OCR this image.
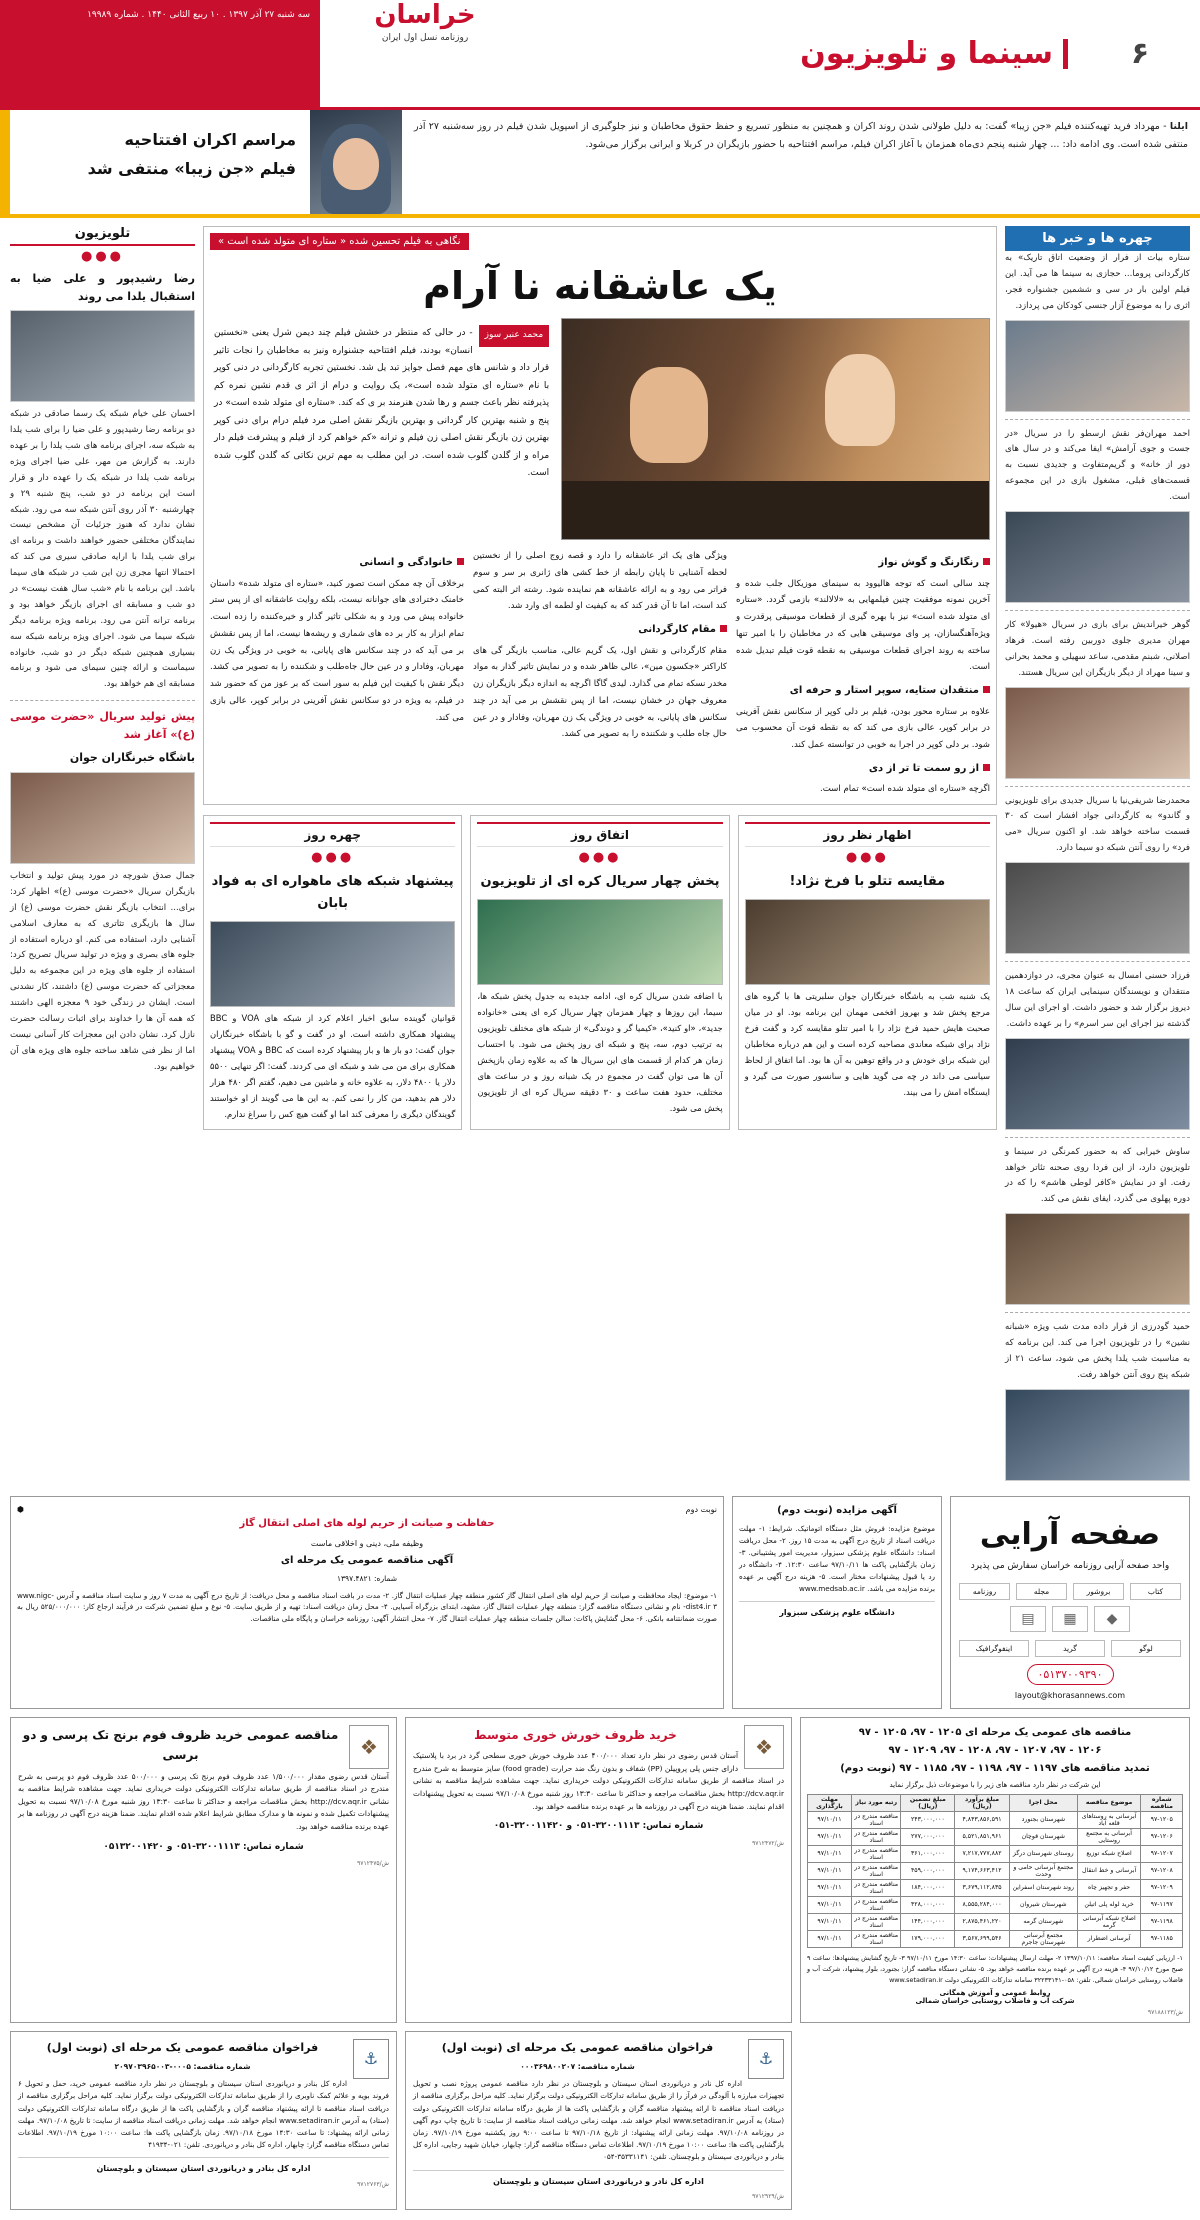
۶
سینما و تلویزیون
خراسان
روزنامه نسل اول ایران
سه شنبه ۲۷ آذر ۱۳۹۷ . ۱۰ ربیع الثانی ۱۴۴۰ . شماره ۱۹۹۸۹
ایلنا - مهرداد فرید تهیه‌کننده فیلم «جن زیبا» گفت: به دلیل طولانی شدن روند اکران و همچنین به منظور تسریع و حفظ حقوق مخاطبان و نیز جلوگیری از اسپویل شدن فیلم در روز سه‌شنبه ۲۷ آذر منتفی شده است. وی ادامه داد: ... چهار شنبه پنجم دی‌ماه همزمان با آغاز اکران فیلم، مراسم افتتاحیه با حضور بازیگران در کربلا و ایرانی برگزار می‌شود.
مراسم اکران افتتاحیه
فیلم «جن زیبا» منتفی شد
چهره ها و خبر ها
ستاره بیات از فرار از وضعیت اتاق تاریک» به کارگردانی پروما... حجازی به سینما ها می آید. این فیلم اولین بار در سی و ششمین جشنواره فجر، اثری را به موضوع آزار جنسی کودکان می پردازد.
احمد مهران‌فر نقش ارسطو را در سریال «در جست و جوی آرامش» ایفا می‌کند و در سال های دور از خانه» و گریم‌متفاوت و جدیدی نسبت به قسمت‌های قبلی، مشغول بازی در این مجموعه است.
گوهر خیراندیش برای بازی در سریال «هیولا» کار مهران مدیری جلوی دوربین رفته است. فرهاد اصلانی، شبنم مقدمی، ساعد سهیلی و محمد بحرانی و سینا مهراد از دیگر بازیگران این سریال هستند.
محمدرضا شریفی‌نیا با سریال جدیدی برای تلویزیونی و گاندو» به کارگردانی جواد افشار است که ۳۰ قسمت ساخته خواهد شد. او اکنون سریال «می فرد» را روی آنتن شبکه دو سیما دارد.
فرزاد حسنی امسال به عنوان مجری، در دوازدهمین منتقدان و نویسندگان سینمایی ایران که ساعت ۱۸ دیروز برگزار شد و حضور داشت. او اجرای این سال گذشته نیز اجرای این سر اسرم» را بر عهده داشت.
ساوش خیرابی که به حضور کمرنگی در سینما و تلویزیون دارد، از این فردا روی صحنه تئاتر خواهد رفت. او در نمایش «کافر لوطی هاشم» را که در دوره پهلوی می گذرد، ایفای نقش می کند.
حمید گودرزی از قرار داده مدت شب ویژه «شبانه نشین» را در تلویزیون اجرا می کند. این برنامه که به مناسبت شب یلدا پخش می شود، ساعت ۲۱ از شبکه پنج روی آنتن خواهد رفت.
نگاهی به فیلم تحسین شده « ستاره ای متولد شده است »
یک عاشقانه نا آرام
محمد عنبر سوز
- در حالی که منتظر در خشش فیلم چند دیمن شرل یعنی «نخستین انسان» بودند، فیلم افتتاحیه جشنواره ونیز به مخاطبان را نجات تاثیر قرار داد و شانس های مهم فصل جوایز تبد یل شد. نخستین تجربه کارگردانی در دنی کوپر با نام «ستاره ای متولد شده است»، یک روایت و درام از اثر ی قدم نشین نمره کم پذیرفته نظر باعث جسم و رها شدن هنرمند بر ی که کند. «ستاره ای متولد شده است» در پنج و شنبه بهترین کار گردانی و بهترین بازیگر نقش اصلی مرد فیلم درام برای دنی کوپر بهترین زن بازیگر نقش اصلی زن فیلم و ترانه «کم خواهم کرد از فیلم و پیشرفت فیلم دار مراه و از گلدن گلوب شده است. در این مطلب به مهم ترین نکاتی که گلدن گلوب شده است.
رنگارنگ و گوش نواز
چند سالی است که توجه هالیوود به سینمای موزیکال جلب شده و آخرین نمونه موفقیت چنین فیلمهایی به «لالالند» بازمی گردد. «ستاره ای متولد شده است» نیز با بهره گیری از قطعات موسیقی پرقدرت و ویژه‌آهنگسازان، پر وای موسیقی هایی که در مخاطبان را با امیر تنها ساخته به روند اجرای قطعات موسیقی به نقطه قوت فیلم تبدیل شده است.
منتقدان ستایه، سوپر استار و حرفه ای
علاوه بر ستاره محور بودن، فیلم بر دلی کوپر از سکانس نقش آفرینی در برابر کوپر، عالی بازی می کند که به نقطه قوت آن محسوب می شود. بر دلی کوپر در اجرا به خوبی در توانسته عمل کند.
از رو سمت تا تر از دی
اگرچه «ستاره ای متولد شده است» تمام است.
ویژگی های یک اثر عاشقانه را دارد و قصه زوج اصلی را از نخستین لحظه آشنایی تا پایان رابطه از خط کشی های ژانری بر سر و سوم فراتر می رود و به ارائه عاشقانه هم نماینده شود. رشته اثر البته کمی کند است، اما تا آن قدر کند که به کیفیت او لطمه ای وارد شد.
مقام کارگردانی
مقام کارگردانی و نقش اول، یک گریم عالی، مناسب بازیگر گی های کاراکتر «جکسون مین»، عالی ظاهر شده و در نمایش تاثیر گذار به مواد مخدر نسکه تمام می گذارد. لیدی گاگا اگرچه به اندازه دیگر بازیگران زن معروف جهان در خشان نیست، اما از پس نقشش بر می آید در چند سکانس های پایانی، به خوبی در ویژگی یک زن مهربان، وفادار و در عین حال جاه طلب و شکننده را به تصویر می کشد.
خانوادگی و انسانی
برخلاف آن چه ممکن است تصور کنید، «ستاره ای متولد شده» داستان خامنک دخترادی های جوانانه نیست، بلکه روایت عاشقانه ای از پس ستر خانواده پیش می ورد و به شکلی تاثیر گذار و خیره‌کننده را زده است. تمام ابزار به کار بر ده های شماری و ریشه‌ها نیست، اما از پس نقشش بر می آید که در چند سکانس های پایانی، به خوبی در ویژگی یک زن مهربان، وفادار و در عین حال جاه‌طلب و شکننده را به تصویر می کشد. دیگر نقش با کیفیت این فیلم به سور است که بر عوز من که حضور شد در فیلم، به ویژه در دو سکانس نقش آفرینی در برابر کوپر، عالی بازی می کند.
اظهار نظر روز
●●●
مقایسه تتلو با فرخ نژاد!

یک شنبه شب به باشگاه خبرنگاران جوان سلبریتی ها با گروه های مرجع پخش شد و بهروز افخمی مهمان این برنامه بود. او در میان صحبت هایش حمید فرخ نژاد را با امیر تتلو مقایسه کرد و گفت فرخ نژاد برای شبکه معاندی مصاحبه کرده است و این هم درباره مخاطبان این شبکه برای خودش و در واقع توهین به آن ها بود. اما اتفاق از لحاظ سیاسی می داند در چه می گوید هایی و سانسور صورت می گیرد و ایستگاه امش را می بیند.

اتفاق روز
●●●
پخش چهار سریال کره ای از تلویزیون

با اضافه شدن سریال کره ای، ادامه جدیده به جدول پخش شبکه ها، سیما، این روزها و چهار همزمان چهار سریال کره ای یعنی «خانواده جدید»، «او کنید»، «کیمیا گر و دوندگی» از شبکه های مختلف تلویزیون به ترتیب دوم، سه، پنج و شبکه ای روز پخش می شود. با احتساب زمان هر کدام از قسمت های این سریال ها که به علاوه زمان بازپخش آن ها می توان گفت در مجموع در یک شبانه روز و در ساعت های مختلف، حدود هفت ساعت و ۳۰ دقیقه سریال کره ای از تلویزیون پخش می شود.

چهره روز
●●●
پیشنهاد شبکه های ماهواره ای به فواد بابان

قوانیان گوینده سابق اخبار اعلام کرد از شبکه های VOA و BBC پیشنهاد همکاری داشته است. او در گفت و گو با باشگاه خبرنگاران جوان گفت: دو بار ها و بار پیشنهاد کرده است که BBC و VOA پیشنهاد همکاری برای من می شد و شبکه ای می کردند. گفت: اگر تنهایی ۵۵۰۰ دلار یا ۴۸۰۰ دلار، به علاوه خانه و ماشین می دهیم، گفتم اگر ۴۸۰ هزار دلار هم بدهید، من کار را نمی کنم. به این ها می گویند از او خواستند گویندگان دیگری را معرفی کند اما او گفت هیچ کس را سراغ ندارم.

تلویزیون
●●●
رضا رشیدپور و علی ضیا به استقبال یلدا می روند
احسان علی خیام شبکه یک رسما صادقی در شبکه دو برنامه رضا رشیدپور و علی ضیا را برای شب یلدا به شبکه سه، اجرای برنامه های شب یلدا را بر عهده دارند. به گزارش من مهر، علی ضیا اجرای ویژه برنامه شب یلدا در شبکه یک را عهده دار و قرار است این برنامه در دو شب، پنج شنبه ۲۹ و چهارشنبه ۳۰ آذر روی آنتن شبکه سه می رود. شبکه نشان ندارد که هنوز جزئیات آن مشخص نیست نمایندگان مختلفی حضور خواهند داشت و برنامه ای برای شب یلدا با ارایه صادقی سیری می کند که احتمالا انتها مجری زن این شب در شبکه های سیما باشد. این برنامه با نام «شب سال هفت نیست» در دو شب و مسابقه ای اجرای بازیگر خواهد بود و برنامه ترانه آنتن می رود. برنامه ویژه برنامه دیگر شبکه سیما می شود. اجرای ویژه برنامه شبکه سه بسیاری همچنین شبکه دیگر در دو شب، خانواده سیماست و ارائه چنین سیمای می شود و برنامه مسابقه ای هم خواهد بود.
پیش تولید سریال «حضرت موسی (ع)» آغاز شد
باشگاه خبرنگاران جوان
جمال صدق شورچه در مورد پیش تولید و انتخاب بازیگران سریال «حضرت موسی (ع)» اظهار کرد: برای... انتخاب بازیگر نقش حضرت موسی (ع) از سال ها بازیگری تثاتری که به معارف اسلامی آشنایی دارد، استفاده می کنم. او درباره استفاده از جلوه های بصری و ویژه در تولید سریال تصریح کرد: استفاده از جلوه های ویژه در این مجموعه به دلیل معجزاتی که حضرت موسی (ع) داشتند، کار نشدنی است. ایشان در زندگی خود ۹ معجزه الهی داشتند که همه آن ها را خداوند برای اثبات رسالت حضرت نازل کرد. نشان دادن این معجزات کار آسانی نیست اما از نظر فنی شاهد ساخته جلوه های ویژه های آن خواهیم بود.
صفحه آرایی
واحد صفحه آرایی روزنامه خراسان سفارش می پذیرد
کتاب
بروشور
مجله
روزنامه
◆
▦
▤
لوگو
گرید
اینفوگرافیک
۰۵۱۳۷۰۰۹۳۹۰
layout@khorasannews.com
آگهی مزایده (نوبت دوم)
موضوع مزایده: فروش مثل دستگاه اتوماتیک. شرایط: ۱- مهلت دریافت اسناد از تاریخ درج آگهی به مدت ۱۵ روز. ۲- محل دریافت اسناد: دانشگاه علوم پزشکی سبزوار، مدیریت امور پشتیبانی. ۳- زمان بازگشایی پاکت ها ۹۷/۱۰/۱۱ ساعت ۱۲:۳۰. ۴- دانشگاه در رد یا قبول پیشنهادات مختار است. ۵- هزینه درج آگهی بر عهده برنده مزایده می باشد. www.medsab.ac.ir
دانشگاه علوم پزشکی سبزوار
نوبت دوم
⬢
حفاظت و صیانت از حریم لوله های اصلی انتقال گاز
وظیفه ملی، دینی و اخلاقی ماست
آگهی مناقصه عمومی یک مرحله ای
شماره: ۱۳۹۷.۴۸۲۱
۱- موضوع: ایجاد محافظت و صیانت از حریم لوله های اصلی انتقال گاز کشور منطقه چهار عملیات انتقال گاز. ۲- مدت در بافت اسناد مناقصه و محل دریافت: از تاریخ درج آگهی به مدت ۷ روز و سایت اسناد مناقصه و آدرس www.nigc-dist4.ir ۳- نام و نشانی دستگاه مناقصه گزار: منطقه چهار عملیات انتقال گاز، مشهد، ابتدای بزرگراه آسیایی. ۴- محل زمان دریافت اسناد: تهیه و از طریق سایت. ۵- نوع و مبلغ تضمین شرکت در فرآیند ارجاع کار: ۵۲۵/۰۰۰/۰۰۰ ریال به صورت ضمانتنامه بانکی. ۶- محل گشایش پاکات: سالن جلسات منطقه چهار عملیات انتقال گاز. ۷- محل انتشار آگهی: روزنامه خراسان و پایگاه ملی مناقصات.
مناقصه های عمومی یک مرحله ای ۱۲۰۵ - ۹۷، ۱۲۰۵ - ۹۷
۱۲۰۶ - ۹۷، ۱۲۰۷ - ۹۷، ۱۲۰۸ - ۹۷، ۱۲۰۹ - ۹۷
تمدید مناقصه های ۱۱۹۷ - ۹۷، ۱۱۹۸ - ۹۷، ۱۱۸۵ - ۹۷ (نوبت دوم)
این شرکت در نظر دارد مناقصه های زیر را با موضوعات ذیل برگزار نماید
شماره مناقصه	موضوع مناقصه	محل اجرا	مبلغ برآورد (ریال)	مبلغ تضمین (ریال)	رتبه مورد نیاز	مهلت بارگذاری
۹۷-۱۲۰۵	آبرسانی به روستاهای قلعه آباد	شهرستان بجنورد	۴,۸۴۳,۸۵۶,۵۹۱	۲۴۳,۰۰۰,۰۰۰	مناقصه مندرج در اسناد	۹۷/۱۰/۱۱
۹۷-۱۲۰۶	آبرسانی به مجتمع روستایی	شهرستان قوچان	۵,۵۲۱,۸۵۱,۹۶۱	۲۷۷,۰۰۰,۰۰۰	مناقصه مندرج در اسناد	۹۷/۱۰/۱۱
۹۷-۱۲۰۷	اصلاح شبکه توزیع	روستای شهرستان درگز	۷,۲۱۷,۷۷۷,۸۸۲	۳۶۱,۰۰۰,۰۰۰	مناقصه مندرج در اسناد	۹۷/۱۰/۱۱
۹۷-۱۲۰۸	آبرسانی و خط انتقال	مجتمع آبرسانی حامی و وحدت	۹,۱۷۴,۶۶۳,۴۱۲	۴۵۹,۰۰۰,۰۰۰	مناقصه مندرج در اسناد	۹۷/۱۰/۱۱
۹۷-۱۲۰۹	حفر و تجهیز چاه	روند شهرستان اسفراین	۳,۶۷۹,۱۱۲,۸۳۵	۱۸۴,۰۰۰,۰۰۰	مناقصه مندرج در اسناد	۹۷/۱۰/۱۱
۹۷-۱۱۹۷	خرید لوله پلی اتیلن	شهرستان شیروان	۸,۵۵۵,۲۸۴,۰۰۰	۴۲۸,۰۰۰,۰۰۰	مناقصه مندرج در اسناد	۹۷/۱۰/۱۱
۹۷-۱۱۹۸	اصلاح شبکه آبرسانی گرمه	شهرستان گرمه	۲,۸۷۵,۴۶۱,۲۲۰	۱۴۴,۰۰۰,۰۰۰	مناقصه مندرج در اسناد	۹۷/۱۰/۱۱
۹۷-۱۱۸۵	آبرسانی اضطرار	مجتمع آبرسانی شهرستان جاجرم	۳,۵۶۷,۶۹۹,۵۴۶	۱۷۹,۰۰۰,۰۰۰	مناقصه مندرج در اسناد	۹۷/۱۰/۱۱
۱- ارزیابی کیفیت اسناد مناقصه: ۱۳۹۷/۱۰/۱۱ ۲- مهلت ارسال پیشنهادات: ساعت ۱۴:۳۰ مورخ ۹۷/۱۰/۱۱ ۳- تاریخ گشایش پیشنهادها: ساعت ۹ صبح مورخ ۹۷/۱۰/۱۲ ۴- هزینه درج آگهی بر عهده برنده مناقصه خواهد بود. ۵- نشانی دستگاه مناقصه گزار: بجنورد، بلوار پیشنهاد، شرکت آب و فاضلاب روستایی خراسان شمالی. تلفن: ۰۵۸-۳۲۲۳۳۱۴۱ سامانه تدارکات الکترونیکی دولت www.setadiran.ir
روابط عمومی و آموزش همگانی
شرکت آب و فاضلاب روستایی خراسان شمالی
ش/۹۷۱۸۸۱۲۳
❖
خرید ظروف خورش خوری متوسط
آستان قدس رضوی در نظر دارد تعداد ۴۰۰/۰۰۰ عدد ظروف خورش خوری سطحی گرد در برد با پلاستیک دارای جنس پلی پروپیلن (PP) شفاف و بدون رنگ ضد حرارت (food grade) سایز متوسط به شرح مندرج در اسناد مناقصه از طریق سامانه تدارکات الکترونیکی دولت خریداری نماید. جهت مشاهده شرایط مناقصه به نشانی http://dcv.aqr.ir بخش مناقصات مراجعه و حداکثر تا ساعت ۱۳:۳۰ روز شنبه مورخ ۹۷/۱۰/۰۸ نسبت به تحویل پیشنهادات اقدام نمایند. ضمنا هزینه درج آگهی در روزنامه ها بر عهده برنده مناقصه خواهد بود.
شماره تماس: ۳۲۰۰۱۱۱۳-۰۵۱ و ۳۲۰۰۱۱۴۲۰-۰۵۱
ش/۹۷۱۲۴۷۲
❖
مناقصه عمومی خرید ظروف فوم برنج تک پرسی و دو برسی
آستان قدس رضوی مقدار ۱/۵۰۰/۰۰۰ عدد ظروف فوم برنج تک پرسی و ۵۰۰/۰۰۰ عدد ظروف فوم دو پرسی به شرح مندرج در اسناد مناقصه از طریق سامانه تدارکات الکترونیکی دولت خریداری نماید. جهت مشاهده شرایط مناقصه به نشانی http://dcv.aqr.ir بخش مناقصات مراجعه و حداکثر تا ساعت ۱۳:۳۰ روز شنبه مورخ ۹۷/۱۰/۰۸ نسبت به تحویل پیشنهادات تکمیل شده و نمونه ها و مدارک مطابق شرایط اعلام شده اقدام نمایند. ضمنا هزینه درج آگهی در روزنامه ها بر عهده برنده مناقصه خواهد بود.
شماره تماس: ۳۲۰۰۱۱۱۳-۰۵۱ و ۰۵۱۳۲۰۰۱۴۲۰
ش/۹۷۱۲۴۷۵
⚓
فراخوان مناقصه عمومی یک مرحله ای (نوبت اول)
شماره مناقصه: ۰۰۰۳۶۹۸۰۰۲۰۷
اداره کل نادر و دریانوردی استان سیستان و بلوچستان در نظر دارد مناقصه عمومی پروژه نصب و تحویل تجهیزات مبارزه با آلودگی در فرآز را از طریق سامانه تدارکات الکترونیکی دولت برگزار نماید. کلیه مراحل برگزاری مناقصه از دریافت اسناد مناقصه تا ارائه پیشنهاد مناقصه گران و بازگشایی پاکت ها از طریق درگاه سامانه تدارکات الکترونیکی دولت (ستاد) به آدرس www.setadiran.ir انجام خواهد شد. مهلت زمانی دریافت اسناد مناقصه از سایت: تا تاریخ چاپ دوم آگهی در روزنامه ۹۷/۱۰/۰۸. مهلت زمانی ارائه پیشنهاد: از تاریخ ۹۷/۱۰/۱۸ تا ساعت ۹:۰۰ روز یکشنبه مورخ ۹۷/۱۰/۱۹. زمان بازگشایی پاکت ها: ساعت ۱۰:۰۰ مورخ ۹۷/۱۰/۱۹. اطلاعات تماس دستگاه مناقصه گزار: چابهار، خیابان شهید رجایی، اداره کل بنادر و دریانوردی سیستان و بلوچستان. تلفن: ۳۵۳۳۱۱۴۱-۰۵۴
اداره کل نادر و دریانوردی استان سیستان و بلوچستان
ش/۹۷۱۲۹۲۹
⚓
فراخوان مناقصه عمومی یک مرحله ای (نوبت اول)
شماره مناقصه: ۰۰۰۵-۲۰۹۷۰۳۹۶۵۰۰۳
اداره کل بنادر و دریانوردی استان سیستان و بلوچستان در نظر دارد مناقصه عمومی خرید، حمل و تحویل ۶ فروند بویه و علائم کمک ناوبری را از طریق سامانه تدارکات الکترونیکی دولت برگزار نماید. کلیه مراحل برگزاری مناقصه از دریافت اسناد مناقصه تا ارائه پیشنهاد مناقصه گران و بازگشایی پاکت ها از طریق درگاه سامانه تدارکات الکترونیکی دولت (ستاد) به آدرس www.setadiran.ir انجام خواهد شد. مهلت زمانی دریافت اسناد مناقصه از سایت: تا تاریخ ۹۷/۱۰/۰۸. مهلت زمانی ارائه پیشنهاد: تا ساعت ۱۴:۳۰ مورخ ۹۷/۱۰/۱۸. زمان بازگشایی پاکت ها: ساعت ۱۰:۰۰ مورخ ۹۷/۱۰/۱۹. اطلاعات تماس دستگاه مناقصه گزار: چابهار، اداره کل بنادر و دریانوردی. تلفن: ۰۲۱-۴۱۹۳۴
اداره کل بنادر و دریانوردی استان سیستان و بلوچستان
ش/۹۷۱۲۷۶۳
